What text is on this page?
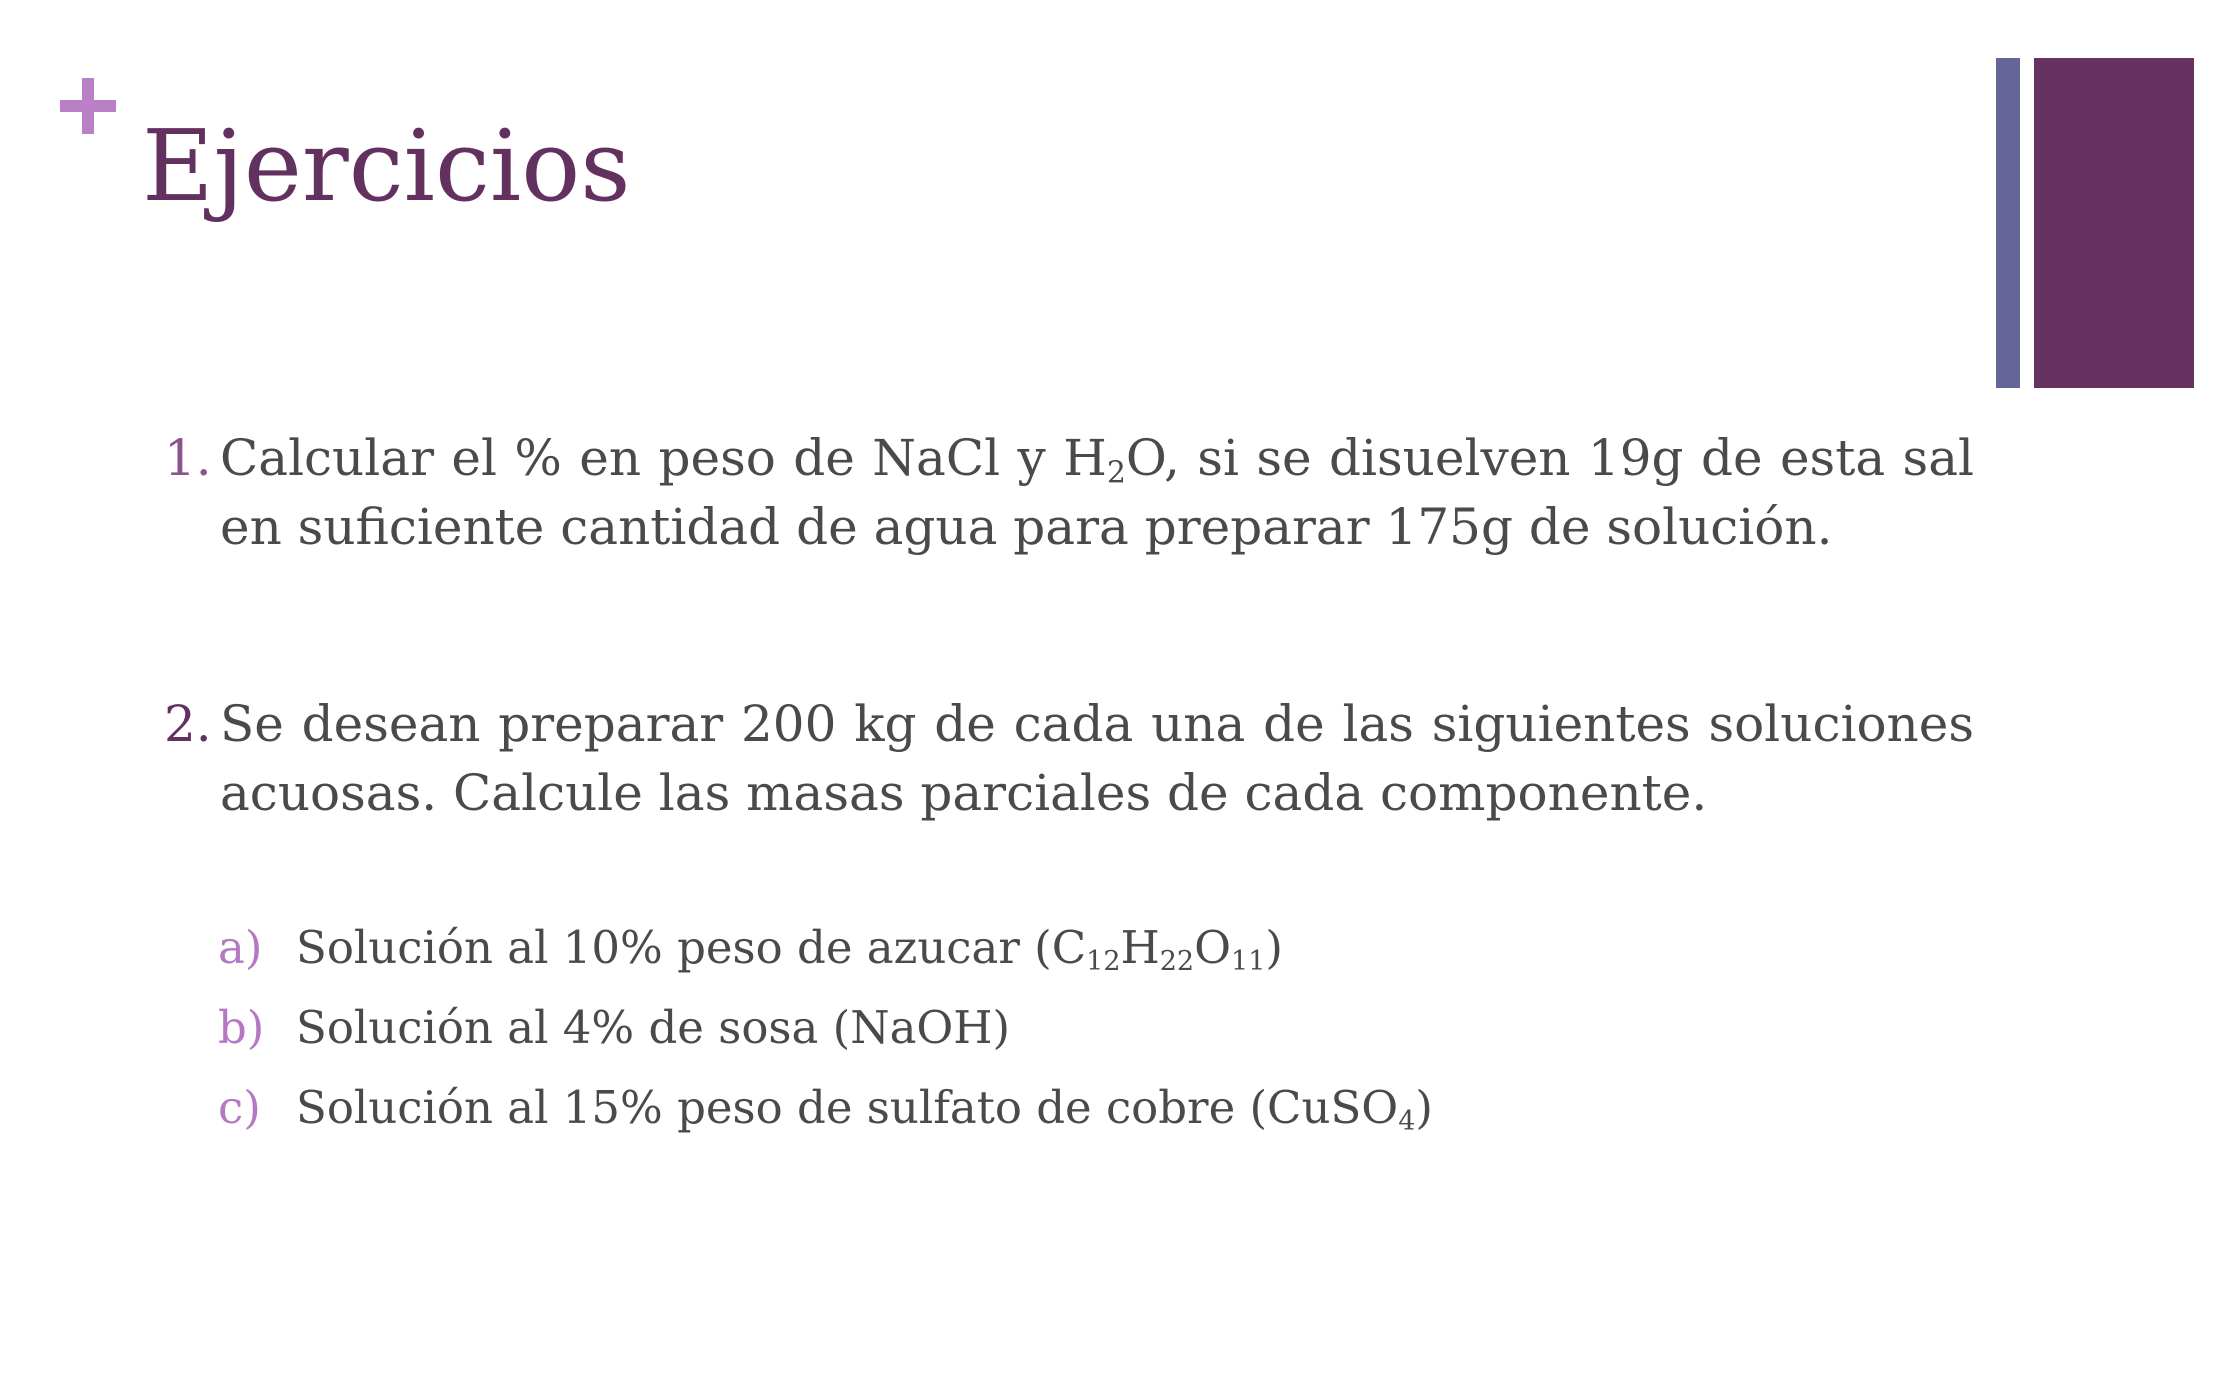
Ejercicios
1. Calcular el % en peso de NaCl y $H_2O$, si se disuelven 19g de esta sal en suficiente cantidad de agua para preparar 175g de solución.
2. Se desean preparar 200 kg de cada una de las siguientes soluciones acuosas. Calcule las masas parciales de cada componente.
a) Solución al 10% peso de azucar $(C_{12}H_{22}O_{11})$
b) Solución al 4% de sosa (NaOH)
c) Solución al 15% peso de sulfato de cobre (CuSO$_4$)
